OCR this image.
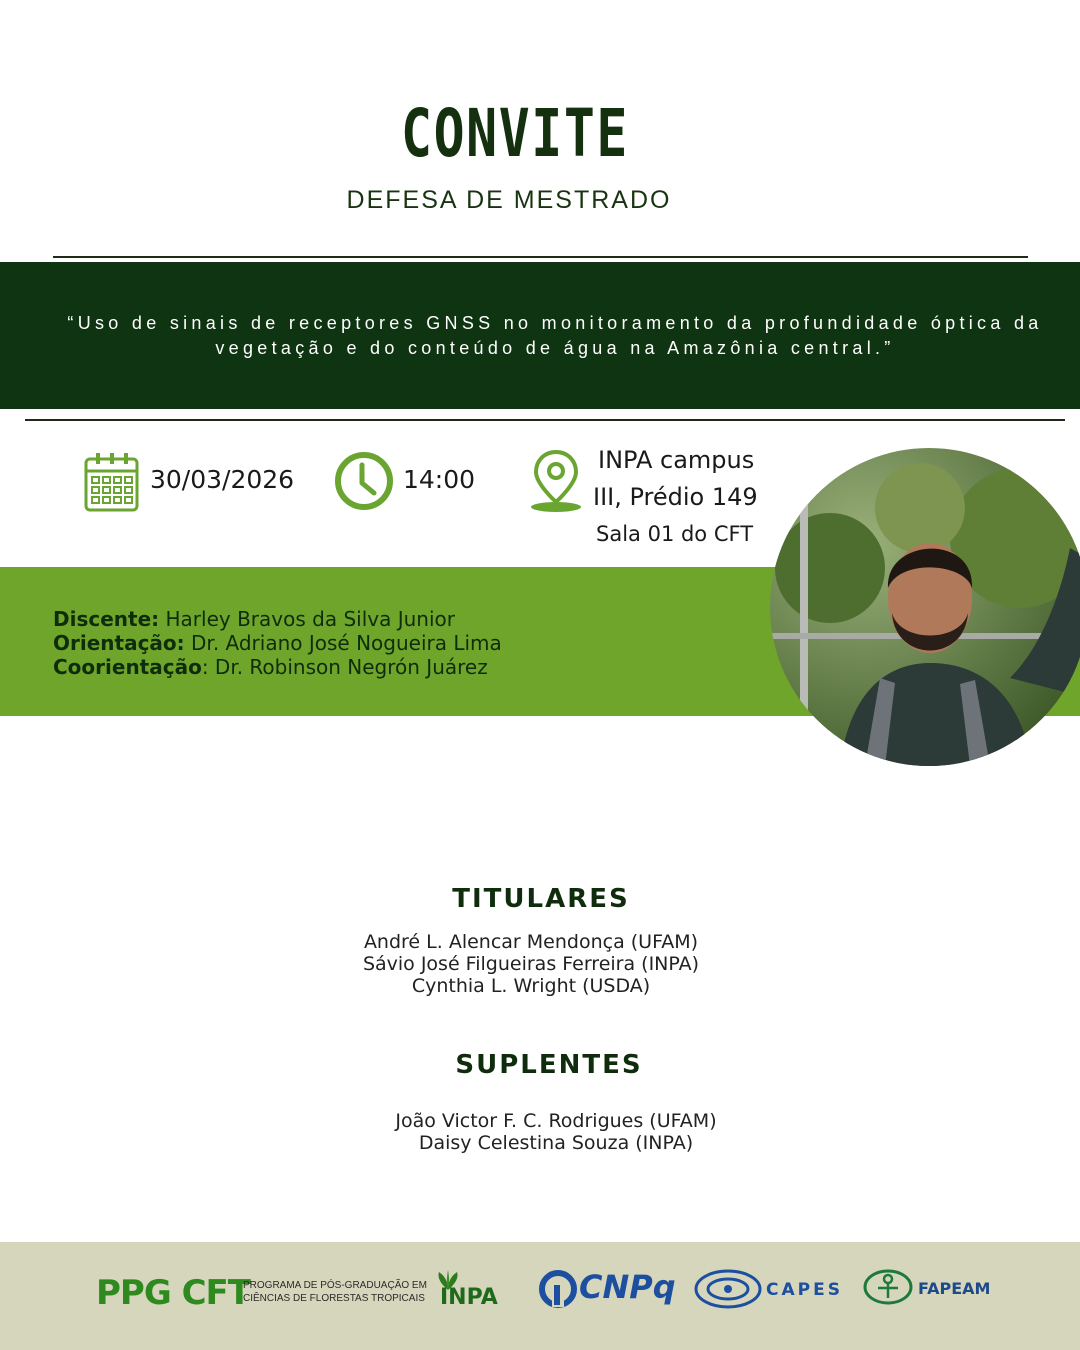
CONVITE
DEFESA DE MESTRADO
“Uso de sinais de receptores GNSS no monitoramento da profundidade óptica da
vegetação e do conteúdo de água na Amazônia central.”
30/03/2026	14:00
INPA campus
III, Prédio 149
Sala 01 do CFT
Discente: Harley Bravos da Silva Junior
Orientação: Dr. Adriano José Nogueira Lima
Coorientação: Dr. Robinson Negrón Juárez
TITULARES
André L. Alencar Mendonça (UFAM)
Sávio José Filgueiras Ferreira (INPA)
Cynthia L. Wright (USDA)
SUPLENTES
João Victor F. C. Rodrigues (UFAM)
Daisy Celestina Souza (INPA)
PPG CFT
PROGRAMA DE PÓS-GRADUAÇÃO EM
CIÊNCIAS DE FLORESTAS TROPICAIS INPA	CNPq	CAPES	FAPEAM
